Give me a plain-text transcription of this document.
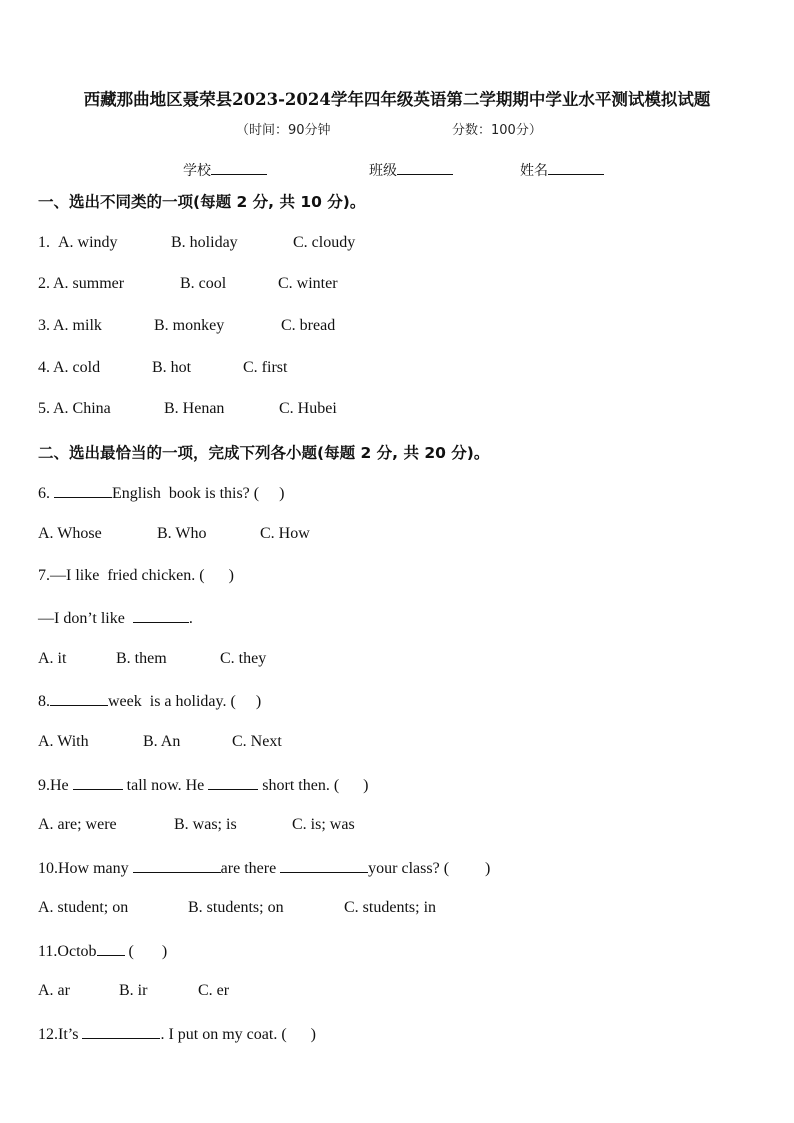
西藏那曲地区聂荣县2023-2024学年四年级英语第二学期期中学业水平测试模拟试题
（时间：90分钟	分数：100分）
学校	班级	姓名
一、选出不同类的一项(每题 2 分, 共 10 分)。
1. A. windy	B. holiday	C. cloudy
2. A. summer	B. cool	C. winter
3. A. milk	B. monkey	C. bread
4. A. cold	B. hot	C. first
5. A. China	B. Henan	C. Hubei
二、选出最恰当的一项，完成下列各小题(每题 2 分, 共 20 分)。
6.	English  book is this? (     )
A. Whose	B. Who	C. How
7.—I like  fried chicken. (      )
—I don’t like	.
A. it	B. them	C. they
8.	week  is a holiday. (     )
A. With	B. An	C. Next
9.He	tall now. He	short then. (      )
A. are; were	B. was; is	C. is; was
10.How many	are there	your class? (         )
A. student; on	B. students; on	C. students; in
11.Octob (       )
A. ar	B. ir	C. er
12.It’s	. I put on my coat. (      )
